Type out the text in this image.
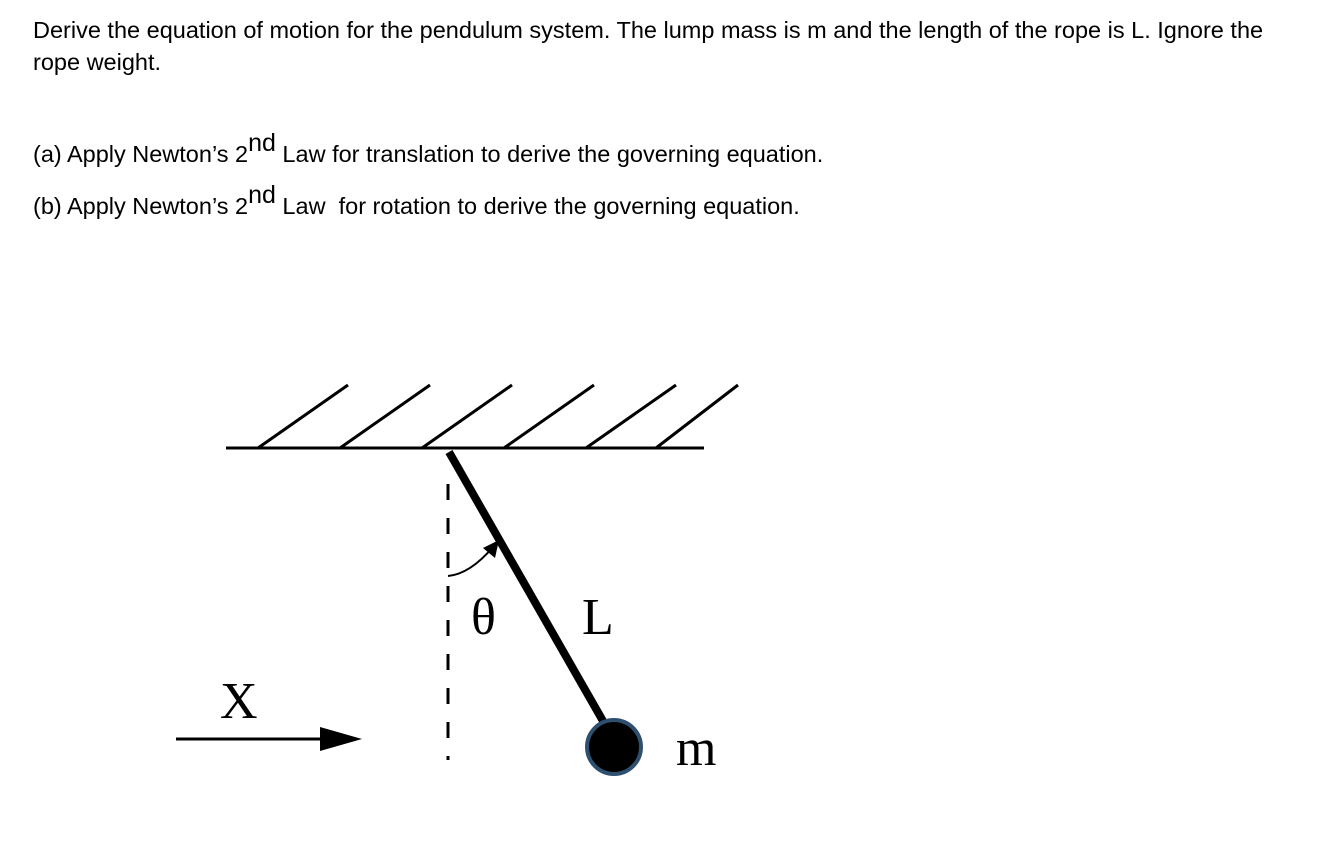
Derive the equation of motion for the pendulum system. The lump mass is m and the length of the rope is L. Ignore the rope weight.
(a) Apply Newton’s 2nd Law for translation to derive the governing equation.
(b) Apply Newton’s 2nd Law  for rotation to derive the governing equation.
X
θ L
m
